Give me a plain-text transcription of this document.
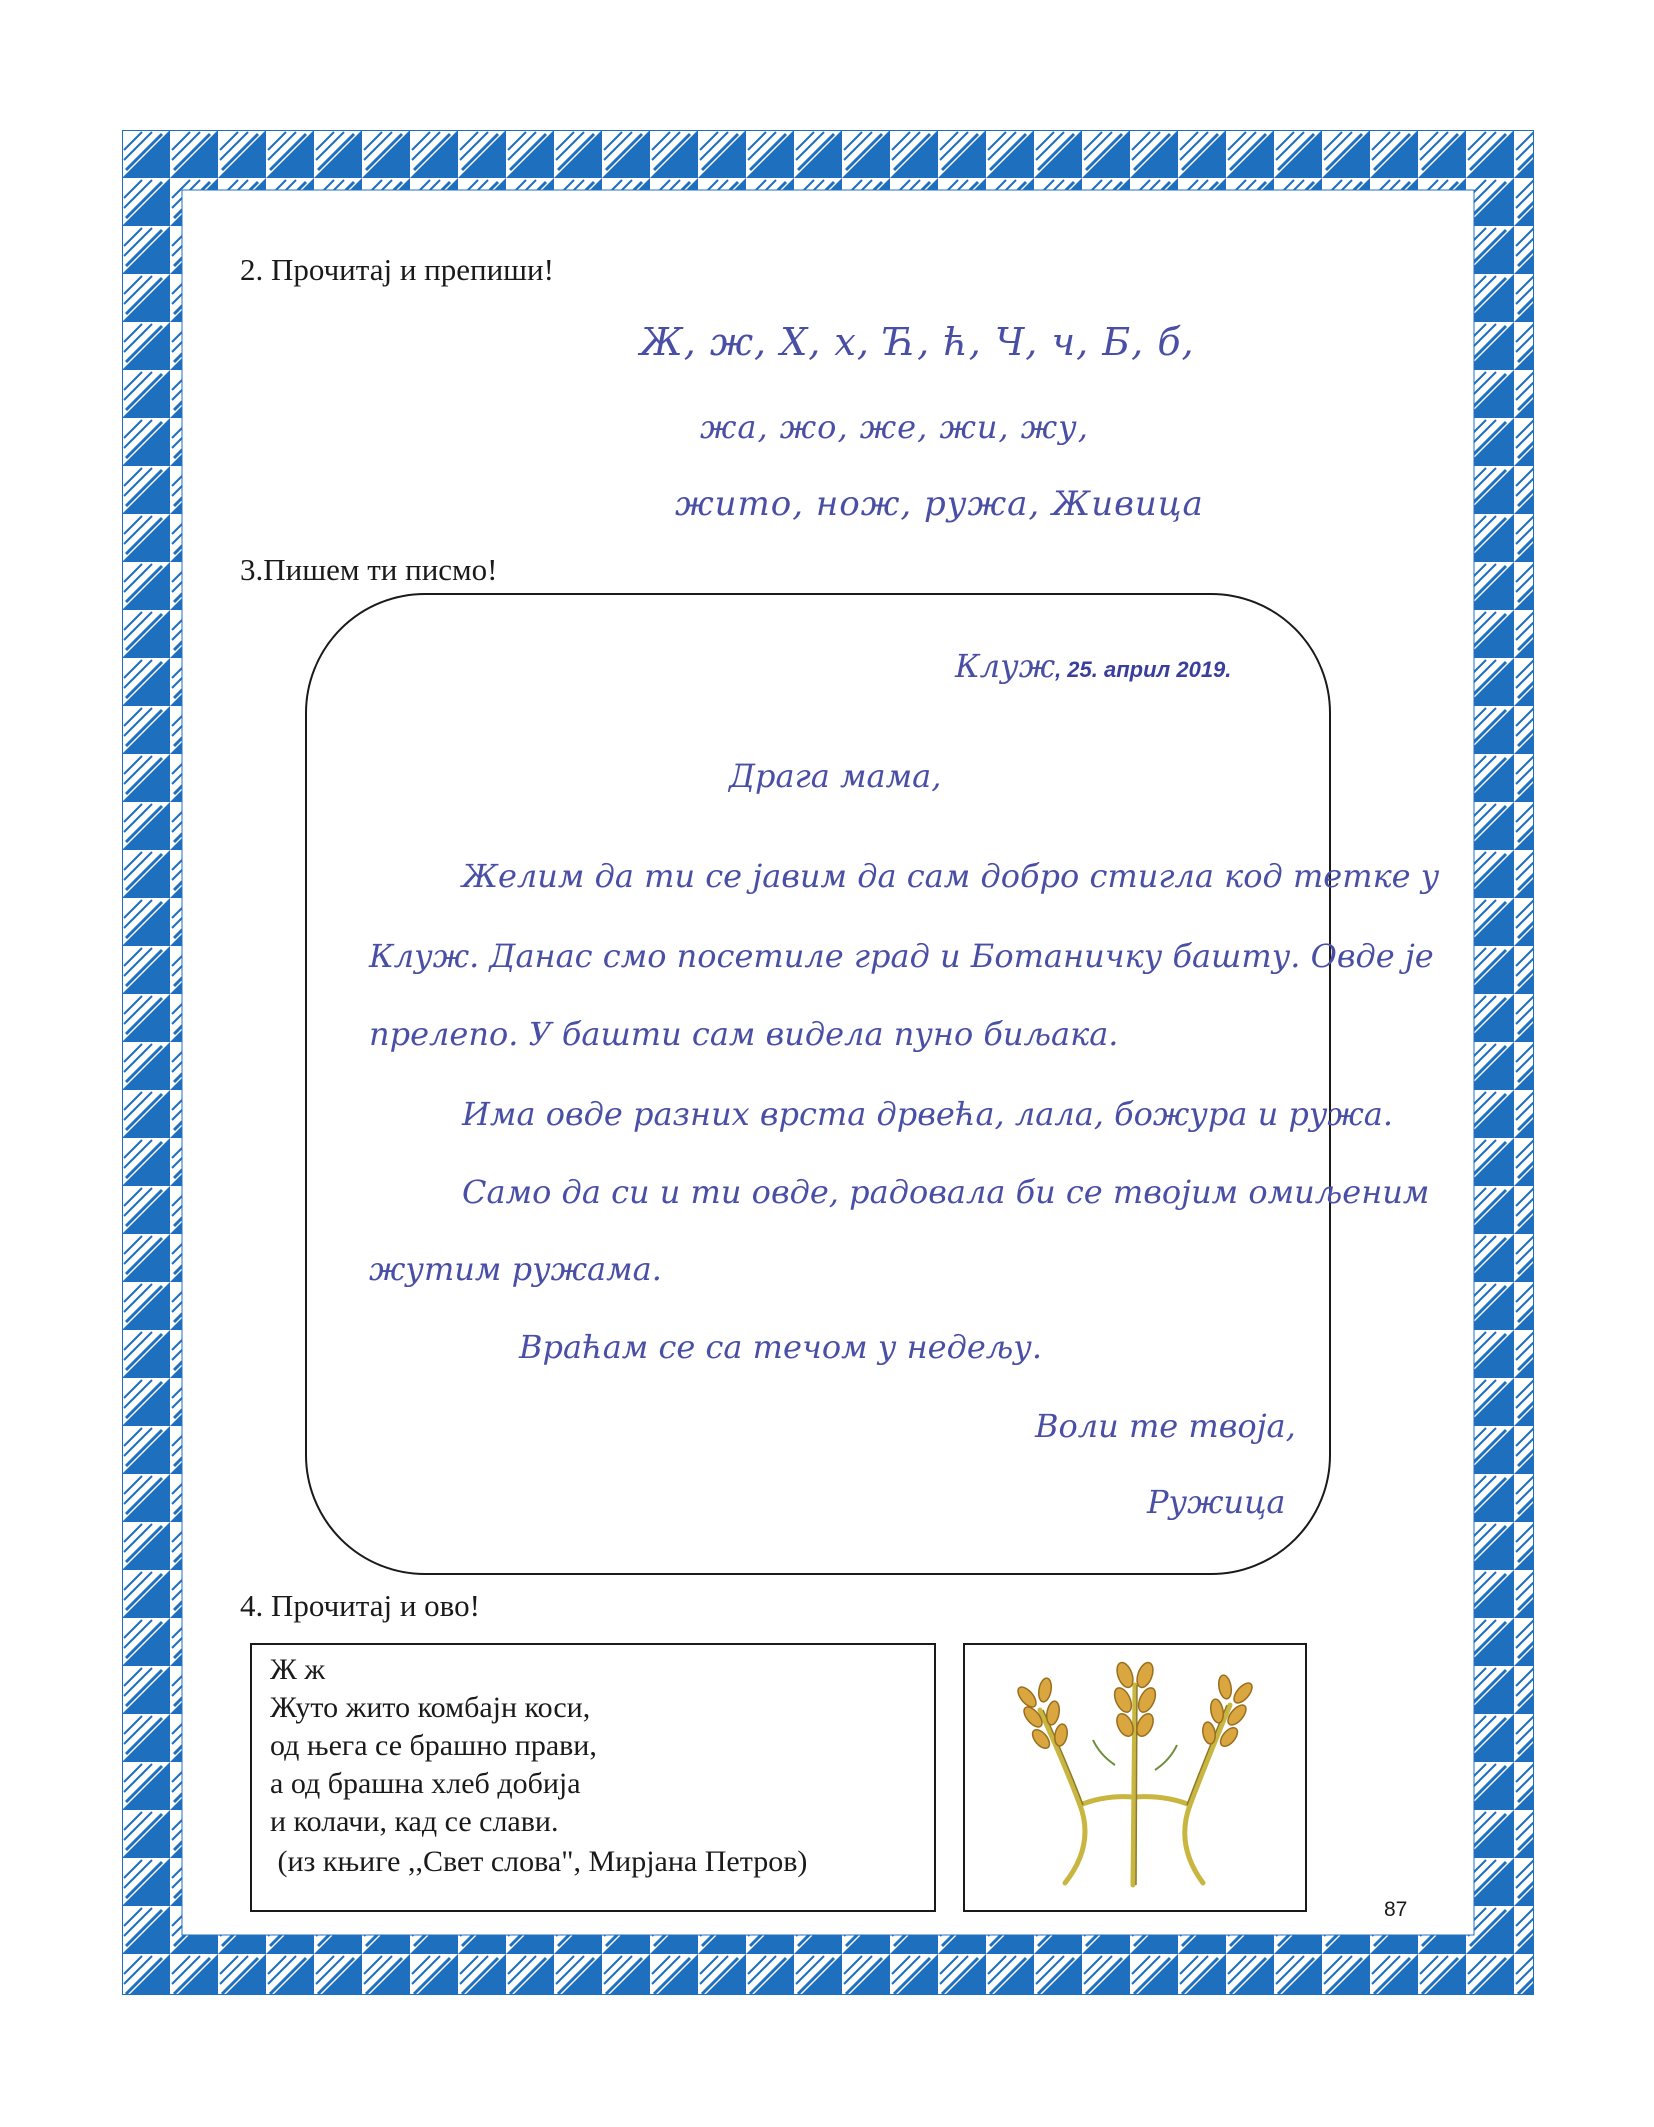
2. Прочитај и препиши!
Ж, ж, Х, х, Ћ, ћ, Ч, ч, Б, б,
жа, жо, же, жи, жу,
жито, нож, ружа, Живица
3.Пишем ти писмо!
Клуж, 25. април 2019.
Драга мама,
Желим да ти се јавим да сам добро стигла код тетке у
Клуж. Данас смо посетиле град и Ботаничку башту. Овде је
прелепо. У башти сам видела пуно биљака.
Има овде разних врста дрвећа, лала, божура и ружа.
Само да си и ти овде, радовала би се твојим омиљеним
жутим ружама.
Враћам се са течом у недељу.
Воли те твоја,
Ружица
4. Прочитај и ово!
Ж ж
Жуто жито комбајн коси,
од њега се брашно прави,
а од брашна хлеб добија
и колачи, кад се слави.
(из књиге ,,Свет слова", Мирјана Петров)
87
